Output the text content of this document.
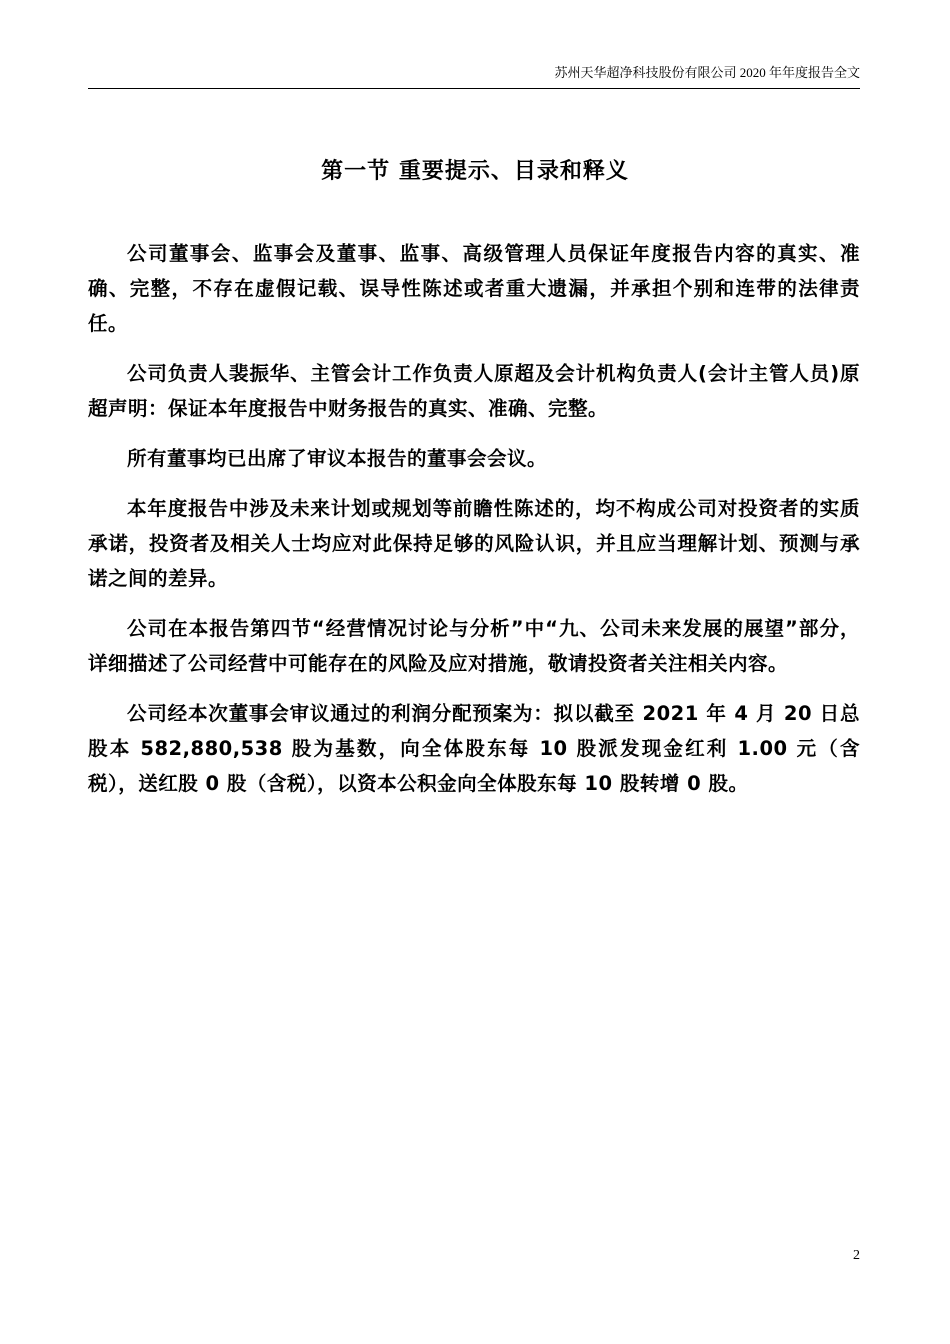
苏州天华超净科技股份有限公司 2020 年年度报告全文
第一节 重要提示、目录和释义

公司董事会、监事会及董事、监事、高级管理人员保证年度报告内容的真实、准确、完整，不存在虚假记载、误导性陈述或者重大遗漏，并承担个别和连带的法律责任。

公司负责人裴振华、主管会计工作负责人原超及会计机构负责人(会计主管人员)原超声明：保证本年度报告中财务报告的真实、准确、完整。

所有董事均已出席了审议本报告的董事会会议。

本年度报告中涉及未来计划或规划等前瞻性陈述的，均不构成公司对投资者的实质承诺，投资者及相关人士均应对此保持足够的风险认识，并且应当理解计划、预测与承诺之间的差异。

公司在本报告第四节“经营情况讨论与分析”中“九、公司未来发展的展望”部分，详细描述了公司经营中可能存在的风险及应对措施，敬请投资者关注相关内容。

公司经本次董事会审议通过的利润分配预案为：拟以截至 2021 年 4 月 20 日总股本 582,880,538 股为基数，向全体股东每 10 股派发现金红利 1.00 元（含税），送红股 0 股（含税），以资本公积金向全体股东每 10 股转增 0 股。

2
